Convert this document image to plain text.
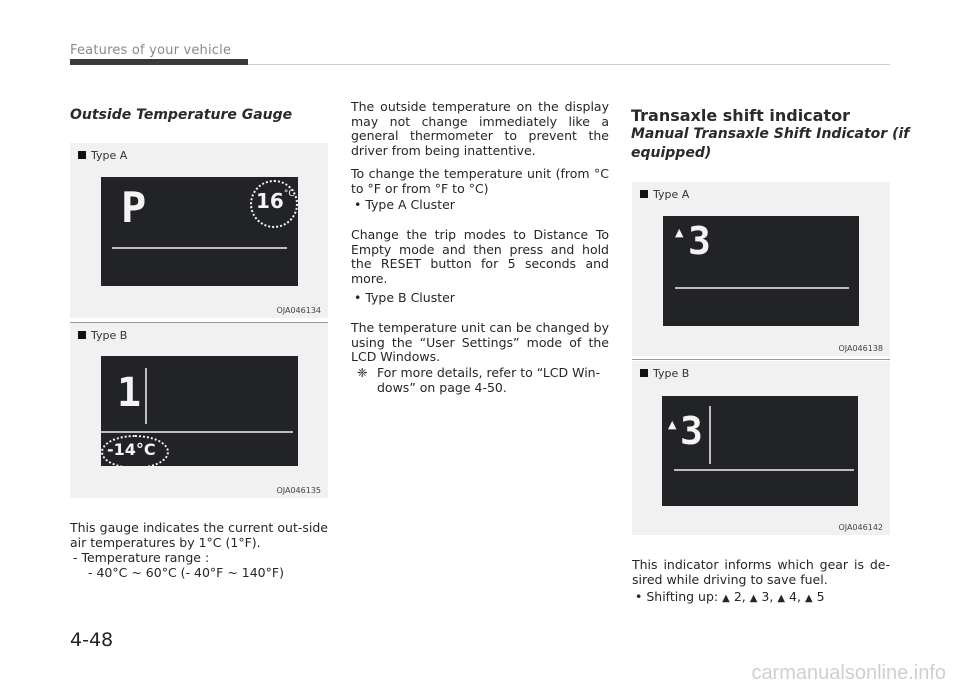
Features of your vehicle
Outside Temperature Gauge
Type A
P	$16^{^\circ C}$
OJA046134
Type B
1
-14°C
OJA046135
This gauge indicates the current out-side air temperatures by 1°C (1°F).
- Temperature range :
- 40°C ~ 60°C (- 40°F ~ 140°F)
The outside temperature on the display may not change immediately like a general thermometer to prevent the driver from being inattentive.
To change the temperature unit (from °C to °F or from °F to °C)
• Type A Cluster
Change the trip modes to Distance To Empty mode and then press and hold the RESET button for 5 seconds and more.
• Type B Cluster
The temperature unit can be changed by using the “User Settings” mode of the LCD Windows.
❈ For more details, refer to “LCD Win-
dows” on page 4-50.
Transaxle shift indicator
Manual Transaxle Shift Indicator (if
equipped)
Type A
▲ 3
OJA046138
Type B
▲ 3
OJA046142
This indicator informs which gear is de-sired while driving to save fuel.
• Shifting up: ▲ 2, ▲ 3, ▲ 4, ▲ 5
4-48
carmanualsonline.info
